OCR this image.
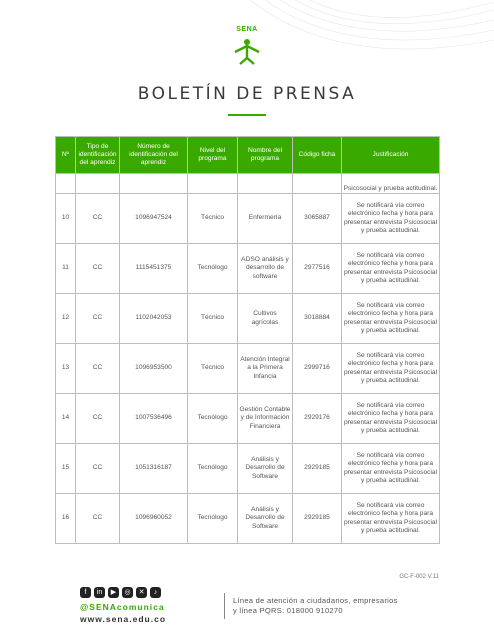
SENA
BOLETÍN DE PRENSA
Nº	Tipo de identificación del aprendiz	Número de identificación del aprendiz	Nivel del programa	Nombre del programa	Código ficha	Justificación
						Psicosocial y prueba actitudinal.
10	CC	1096947524	Técnico	Enfermería	3065887	Se notificará vía correo electrónico fecha y hora para presentar entrevista Psicosocial y prueba actitudinal.
11	CC	1115451375	Tecnólogo	ADSO análisis y desarrollo de software	2977516	Se notificará vía correo electrónico fecha y hora para presentar entrevista Psicosocial y prueba actitudinal.
12	CC	1102042053	Técnico	Cultivos agrícolas	3018884	Se notificará vía correo electrónico fecha y hora para presentar entrevista Psicosocial y prueba actitudinal.
13	CC	1096953500	Técnico	Atención Integral a la Primera Infancia	2999716	Se notificará vía correo electrónico fecha y hora para presentar entrevista Psicosocial y prueba actitudinal.
14	CC	1007536496	Tecnólogo	Gestión Contable y de Información Financiera	2929176	Se notificará vía correo electrónico fecha y hora para presentar entrevista Psicosocial y prueba actitudinal.
15	CC	1051316187	Tecnólogo	Análisis y Desarrollo de Software	2929185	Se notificará vía correo electrónico fecha y hora para presentar entrevista Psicosocial y prueba actitudinal.
16	CC	1096960052	Tecnólogo	Análisis y Desarrollo de Software	2929185	Se notificará vía correo electrónico fecha y hora para presentar entrevista Psicosocial y prueba actitudinal.
GC-F-002 V.11
f	in	▶	◎	✕	♪
@SENAcomunica
www.sena.edu.co
Línea de atención a ciudadanos, empresarios
y línea PQRS: 018000 910270
